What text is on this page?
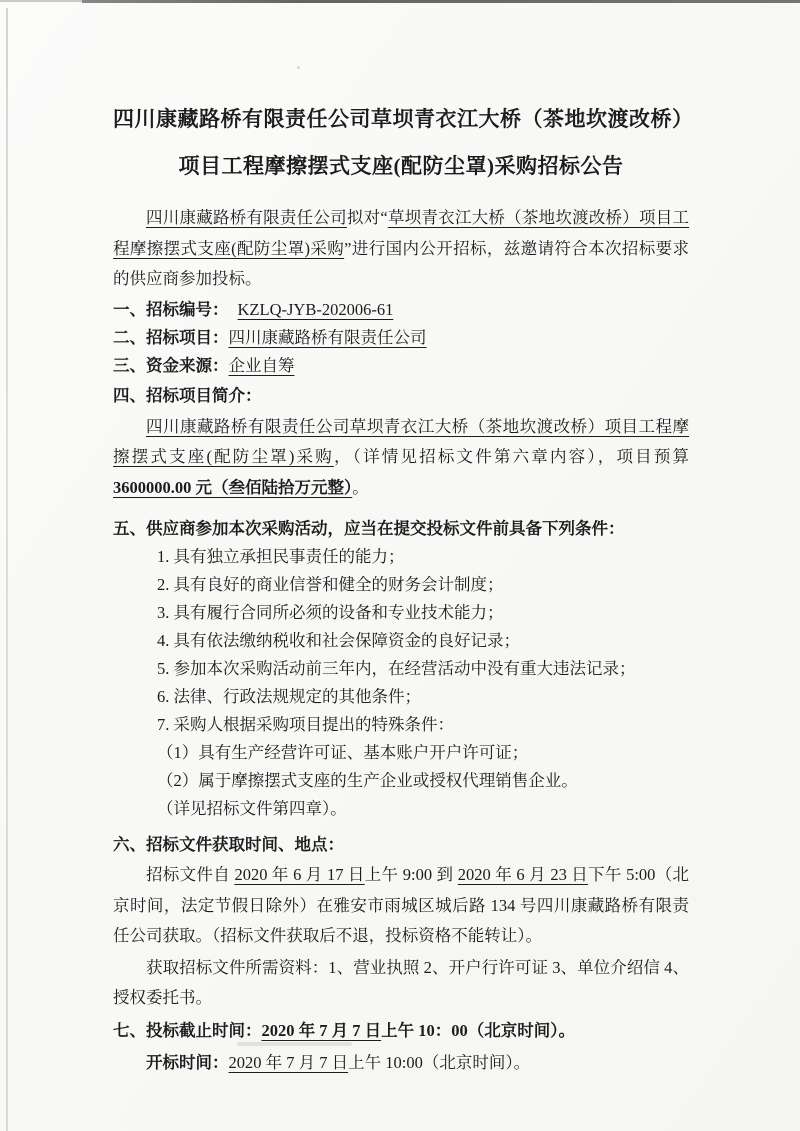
四川康藏路桥有限责任公司草坝青衣江大桥（茶地坎渡改桥）
项目工程摩擦摆式支座(配防尘罩)采购招标公告

四川康藏路桥有限责任公司拟对“草坝青衣江大桥（茶地坎渡改桥）项目工程摩擦摆式支座(配防尘罩)采购”进行国内公开招标，兹邀请符合本次招标要求的供应商参加投标。

一、招标编号： KZLQ-JYB-202006-61
二、招标项目：四川康藏路桥有限责任公司
三、资金来源：企业自筹
四、招标项目简介：

四川康藏路桥有限责任公司草坝青衣江大桥（茶地坎渡改桥）项目工程摩擦摆式支座(配防尘罩)采购，（详情见招标文件第六章内容），项目预算 3600000.00 元（叁佰陆拾万元整）。

五、供应商参加本次采购活动，应当在提交投标文件前具备下列条件：
1. 具有独立承担民事责任的能力；
2. 具有良好的商业信誉和健全的财务会计制度；
3. 具有履行合同所必须的设备和专业技术能力；
4. 具有依法缴纳税收和社会保障资金的良好记录；
5. 参加本次采购活动前三年内，在经营活动中没有重大违法记录；
6. 法律、行政法规规定的其他条件；
7. 采购人根据采购项目提出的特殊条件：
（1）具有生产经营许可证、基本账户开户许可证；
（2）属于摩擦摆式支座的生产企业或授权代理销售企业。
（详见招标文件第四章）。
六、招标文件获取时间、地点：

招标文件自 2020 年 6 月 17 日上午 9:00 到 2020 年 6 月 23 日下午 5:00（北京时间，法定节假日除外）在雅安市雨城区城后路 134 号四川康藏路桥有限责任公司获取。（招标文件获取后不退，投标资格不能转让）。

获取招标文件所需资料：1、营业执照 2、开户行许可证 3、单位介绍信 4、授权委托书。

七、投标截止时间：2020 年 7 月 7 日上午 10：00（北京时间）。
开标时间：2020 年 7 月 7 日上午 10:00（北京时间）。
